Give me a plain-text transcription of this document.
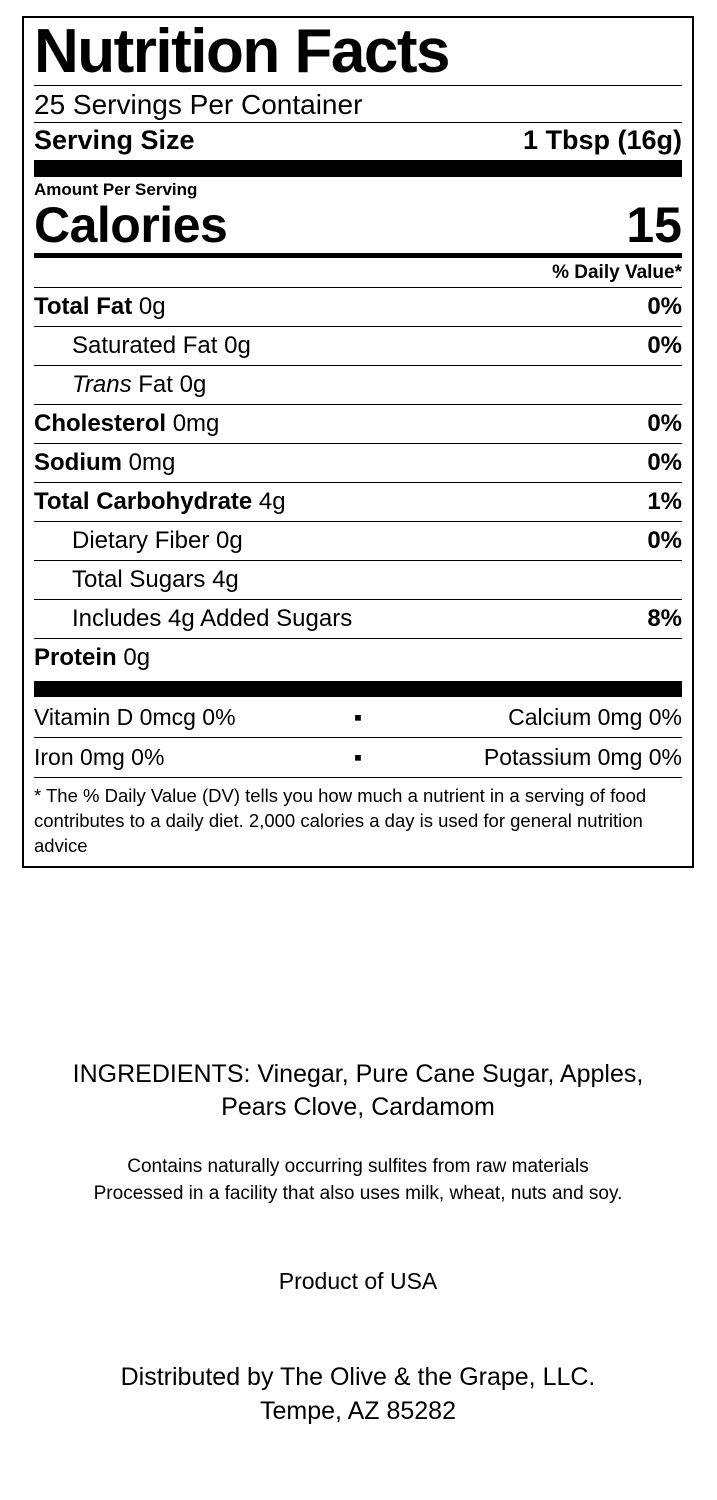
Nutrition Facts
25 Servings Per Container
Serving Size	1 Tbsp (16g)
Amount Per Serving
Calories	15
% Daily Value*
Total Fat 0g	0%
Saturated Fat 0g	0%
Trans Fat 0g
Cholesterol 0mg	0%
Sodium 0mg	0%
Total Carbohydrate 4g	1%
Dietary Fiber 0g	0%
Total Sugars 4g
Includes 4g Added Sugars	8%
Protein 0g
Vitamin D 0mcg 0%	▪	Calcium 0mg 0%
Iron 0mg 0%	▪	Potassium 0mg 0%
* The % Daily Value (DV) tells you how much a nutrient in a serving of food contributes to a daily diet. 2,000 calories a day is used for general nutrition advice
INGREDIENTS: Vinegar, Pure Cane Sugar, Apples, Pears Clove, Cardamom
Contains naturally occurring sulfites from raw materials
Processed in a facility that also uses milk, wheat, nuts and soy.
Product of USA
Distributed by The Olive & the Grape, LLC.
Tempe, AZ 85282
